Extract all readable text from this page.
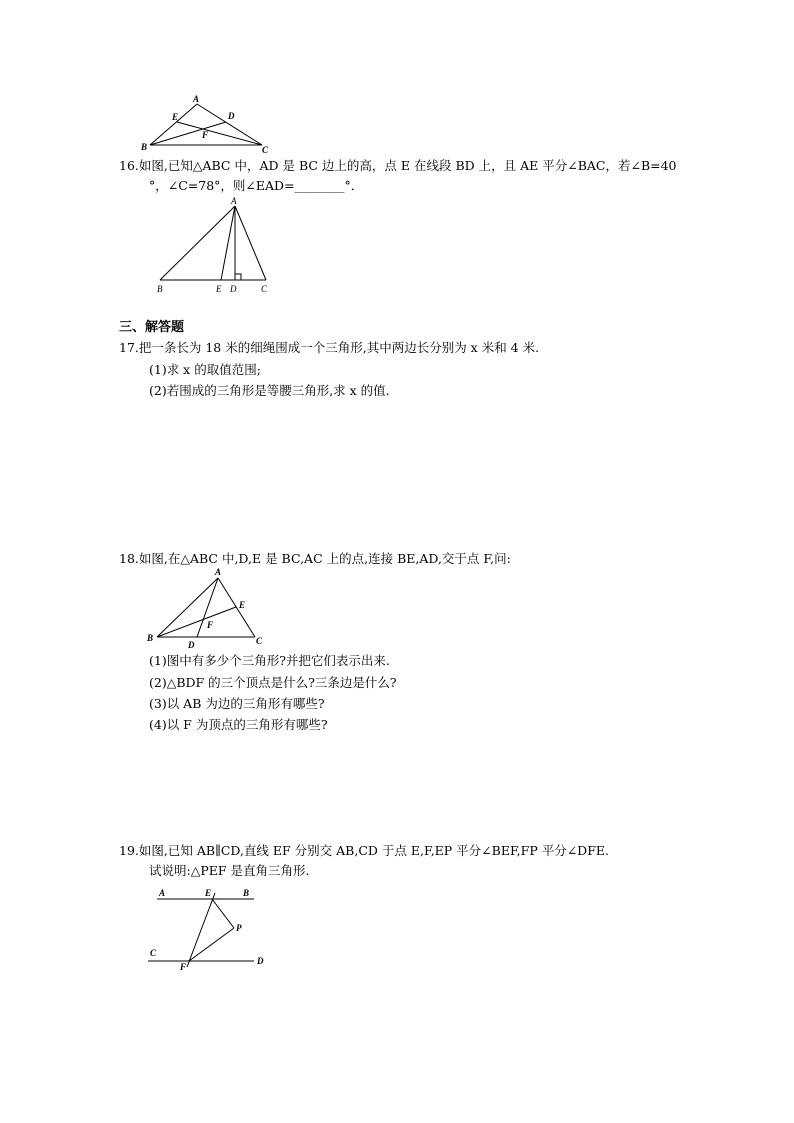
A
B	C
D
E
F
16.如图,已知△ABC 中，AD 是 BC 边上的高，点 E 在线段 BD 上，且 AE 平分∠BAC，若∠B=40
°，∠C=78°，则∠EAD=________°．
A
B	E D	C
三、解答题
17.把一条长为 18 米的细绳围成一个三角形,其中两边长分别为 x 米和 4 米.
(1)求 x 的取值范围;
(2)若围成的三角形是等腰三角形,求 x 的值.
18.如图,在△ABC 中,D,E 是 BC,AC 上的点,连接 BE,AD,交于点 F,问:
A
B	C
D
E
F
(1)图中有多少个三角形?并把它们表示出来.
(2)△BDF 的三个顶点是什么?三条边是什么?
(3)以 AB 为边的三角形有哪些?
(4)以 F 为顶点的三角形有哪些?
19.如图,已知 AB∥CD,直线 EF 分别交 AB,CD 于点 E,F,EP 平分∠BEF,FP 平分∠DFE.
试说明:△PEF 是直角三角形.
A	E	B
P
C
F
D
